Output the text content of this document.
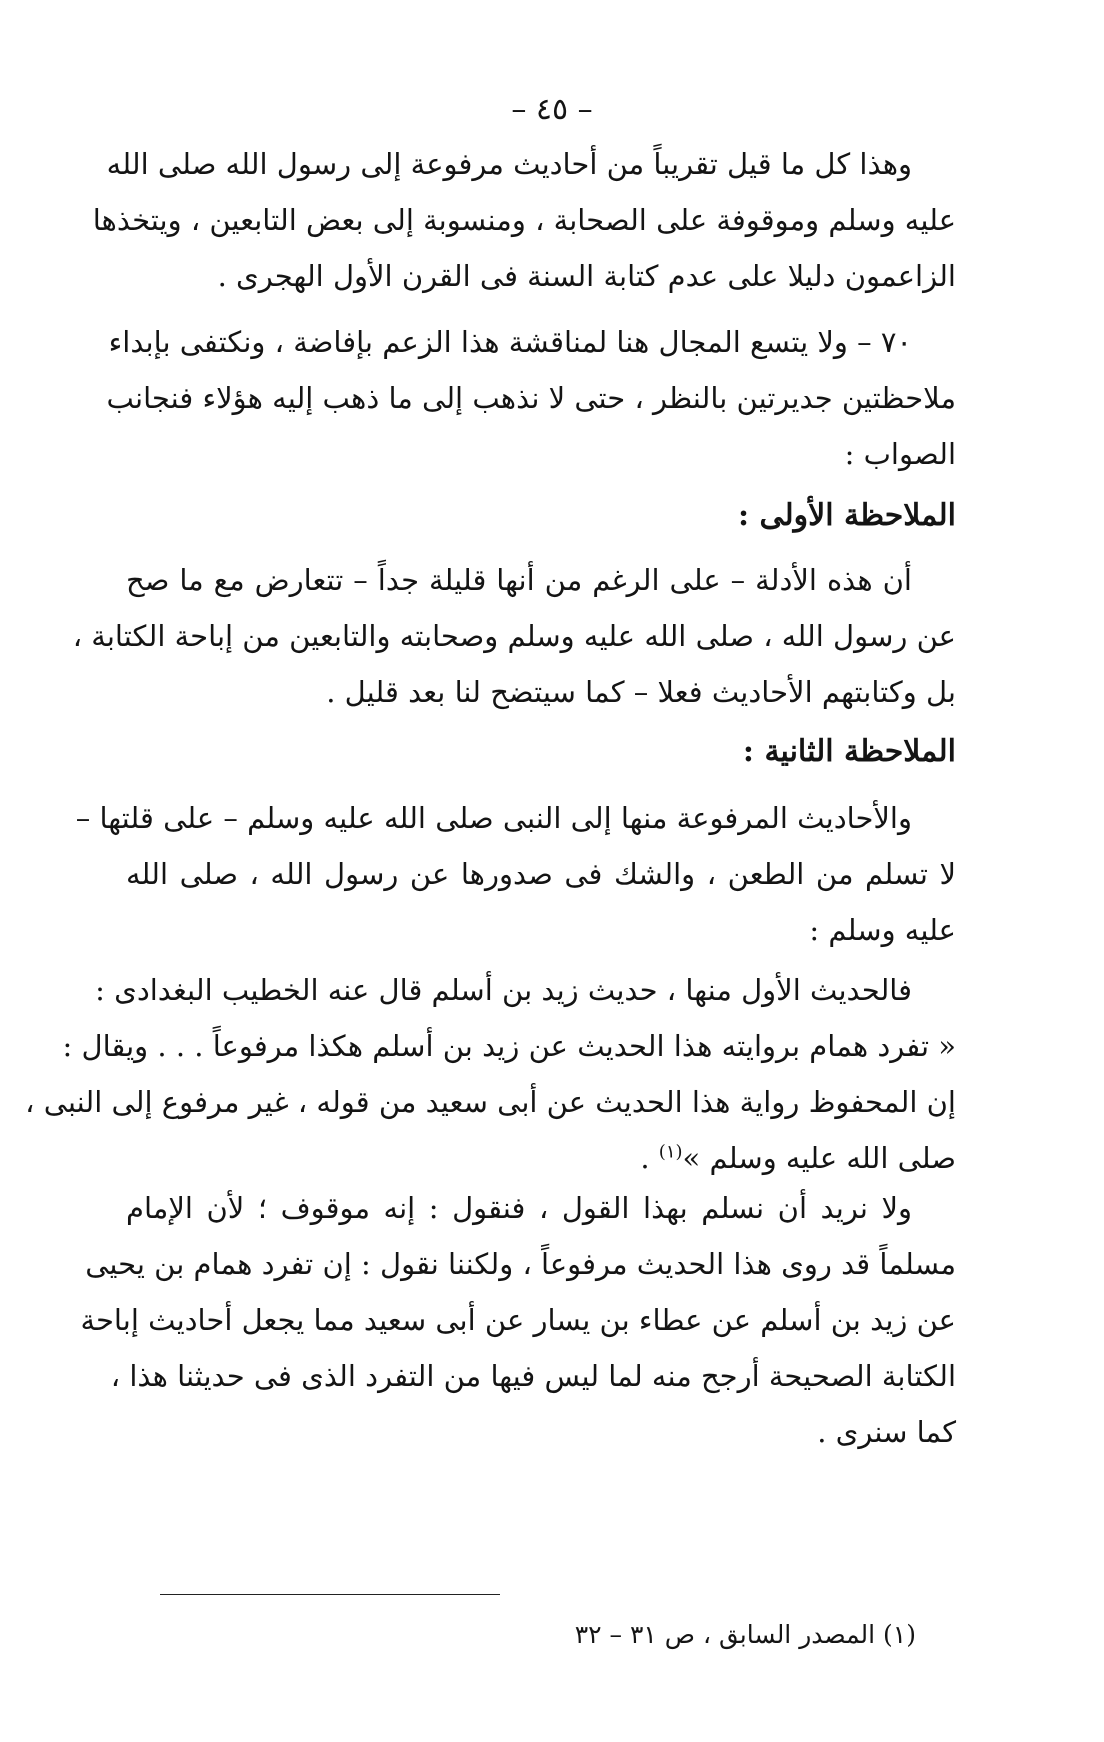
– ٤٥ –
وهذا كل ما قيل تقريباً من أحاديث مرفوعة إلى رسول الله صلى الله
عليه وسلم وموقوفة على الصحابة ، ومنسوبة إلى بعض التابعين ، ويتخذها
الزاعمون دليلا على عدم كتابة السنة فى القرن الأول الهجرى .
٧٠ – ولا يتسع المجال هنا لمناقشة هذا الزعم بإفاضة ، ونكتفى بإبداء
ملاحظتين جديرتين بالنظر ، حتى لا نذهب إلى ما ذهب إليه هؤلاء فنجانب
الصواب :
الملاحظة الأولى :
أن هذه الأدلة – على الرغم من أنها قليلة جداً – تتعارض مع ما صح
عن رسول الله ، صلى الله عليه وسلم وصحابته والتابعين من إباحة الكتابة ،
بل وكتابتهم الأحاديث فعلا – كما سيتضح لنا بعد قليل .
الملاحظة الثانية :
والأحاديث المرفوعة منها إلى النبى صلى الله عليه وسلم – على قلتها –
لا تسلم من الطعن ، والشك فى صدورها عن رسول الله ، صلى الله
عليه وسلم :
فالحديث الأول منها ، حديث زيد بن أسلم قال عنه الخطيب البغدادى :
« تفرد همام بروايته هذا الحديث عن زيد بن أسلم هكذا مرفوعاً . . . ويقال :
إن المحفوظ رواية هذا الحديث عن أبى سعيد من قوله ، غير مرفوع إلى النبى ،
صلى الله عليه وسلم »$^{(١)}$ .
ولا نريد أن نسلم بهذا القول ، فنقول : إنه موقوف ؛ لأن الإمام
مسلماً قد روى هذا الحديث مرفوعاً ، ولكننا نقول : إن تفرد همام بن يحيى
عن زيد بن أسلم عن عطاء بن يسار عن أبى سعيد مما يجعل أحاديث إباحة
الكتابة الصحيحة أرجح منه لما ليس فيها من التفرد الذى فى حديثنا هذا ،
كما سنرى .
(١) المصدر السابق ، ص ٣١ – ٣٢
